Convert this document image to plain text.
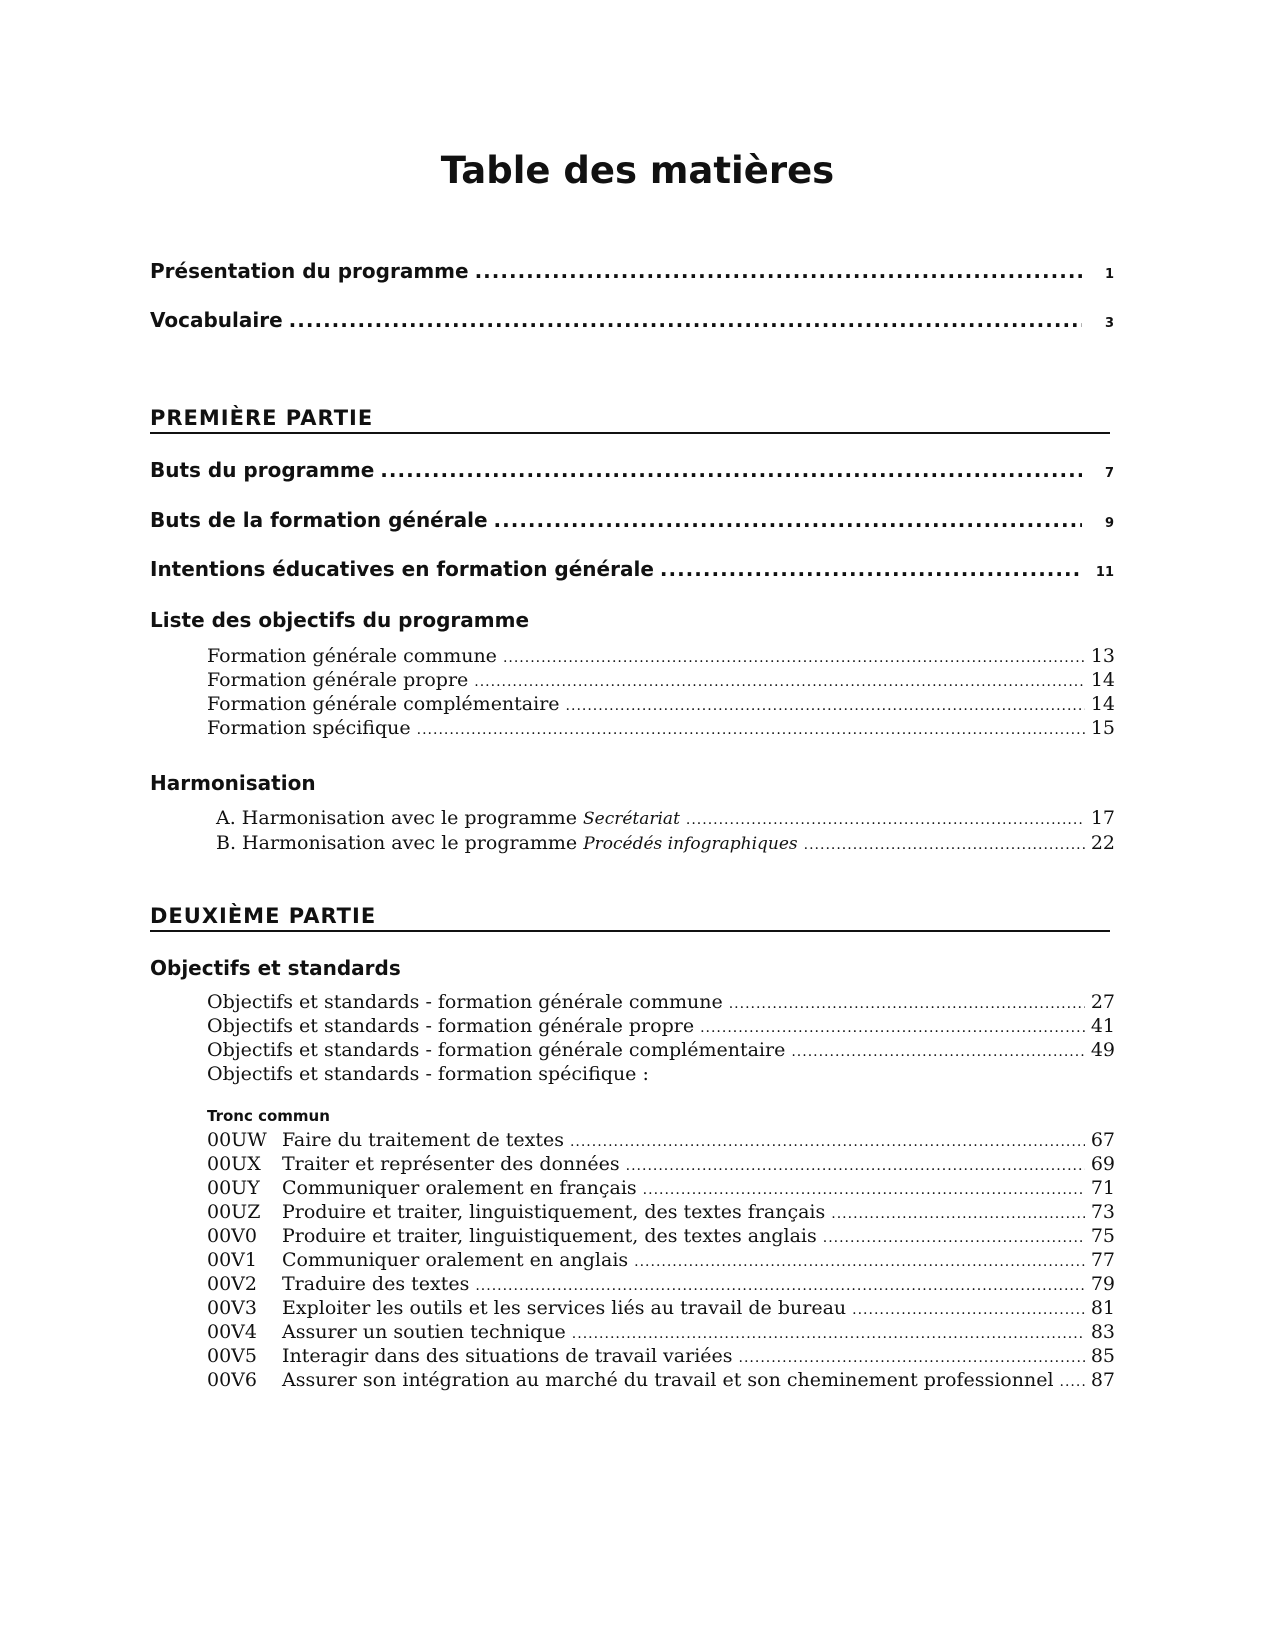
Table des matières
Présentation du programme .....	1
Vocabulaire .....	3
PREMIÈRE PARTIE
Buts du programme .....	7
Buts de la formation générale .....	9
Intentions éducatives en formation générale .....	11
Liste des objectifs du programme
Formation générale commune .....	13
Formation générale propre .....	14
Formation générale complémentaire .....	14
Formation spécifique .....	15
Harmonisation
A. Harmonisation avec le programme Secrétariat .....	17
B. Harmonisation avec le programme Procédés infographiques .....	22
DEUXIÈME PARTIE
Objectifs et standards
Objectifs et standards - formation générale commune .....	27
Objectifs et standards - formation générale propre .....	41
Objectifs et standards - formation générale complémentaire .....	49
Objectifs et standards - formation spécifique :
Tronc commun
00UW Faire du traitement de textes .....	67
00UX	Traiter et représenter des données .....	69
00UY	Communiquer oralement en français .....	71
00UZ	Produire et traiter, linguistiquement, des textes français .....	73
00V0	Produire et traiter, linguistiquement, des textes anglais .....	75
00V1	Communiquer oralement en anglais .....	77
00V2	Traduire des textes .....	79
00V3	Exploiter les outils et les services liés au travail de bureau .....	81
00V4	Assurer un soutien technique .....	83
00V5	Interagir dans des situations de travail variées .....	85
00V6	Assurer son intégration au marché du travail et son cheminement professionnel ..... 87
